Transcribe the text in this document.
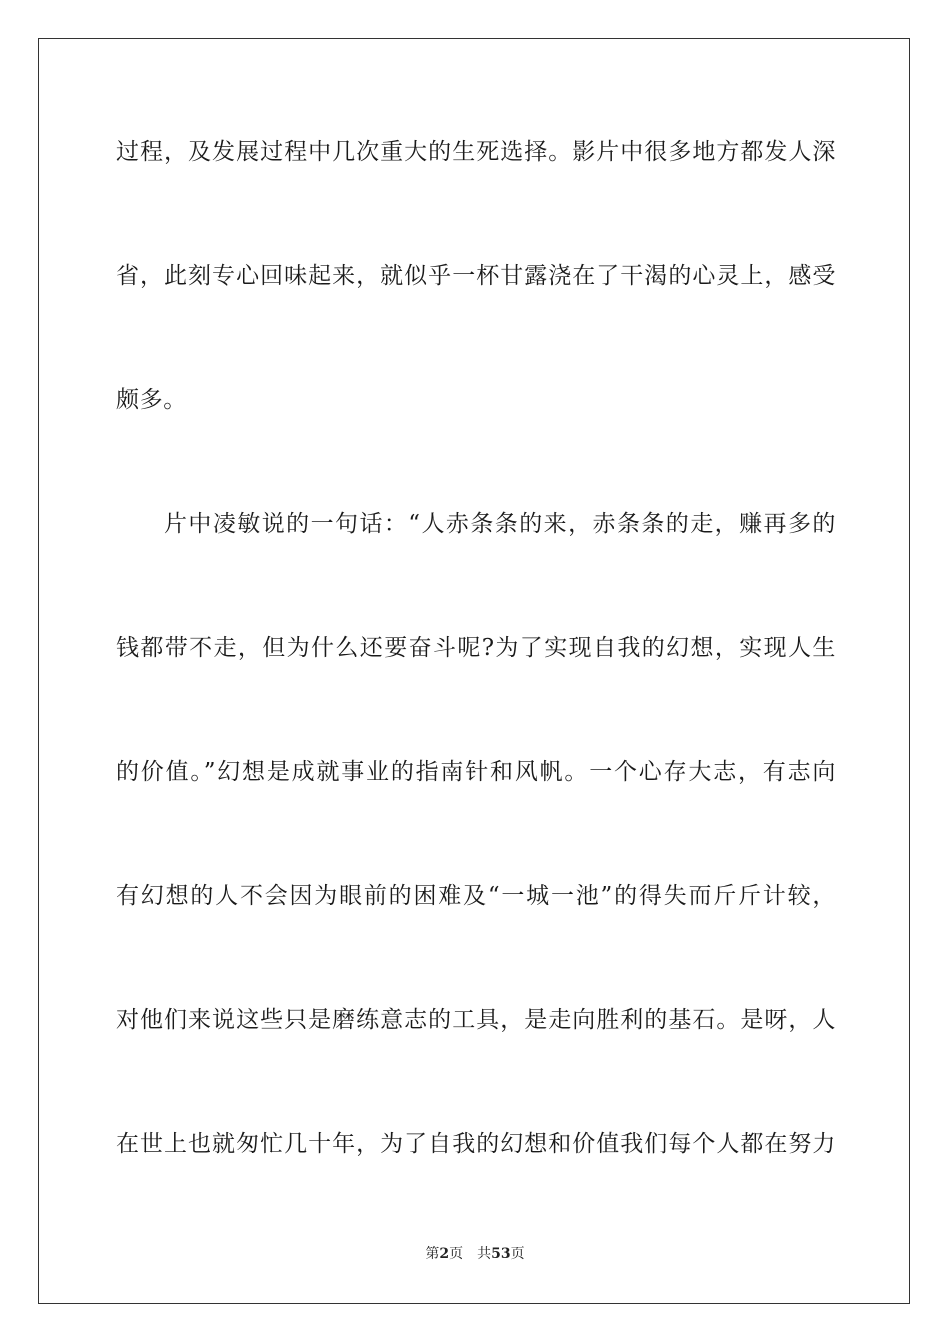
过程，及发展过程中几次重大的生死选择。影片中很多地方都发人深
省，此刻专心回味起来，就似乎一杯甘露浇在了干渴的心灵上，感受
颇多。
片中凌敏说的一句话：“人赤条条的来，赤条条的走，赚再多的
钱都带不走，但为什么还要奋斗呢?为了实现自我的幻想，实现人生
的价值。”幻想是成就事业的指南针和风帆。一个心存大志，有志向
有幻想的人不会因为眼前的困难及“一城一池”的得失而斤斤计较，
对他们来说这些只是磨练意志的工具，是走向胜利的基石。是呀，人
在世上也就匆忙几十年，为了自我的幻想和价值我们每个人都在努力
第2页 共53页
